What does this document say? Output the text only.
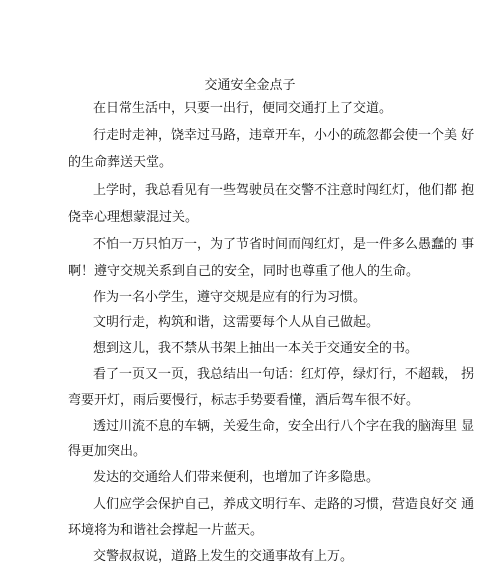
交通安全金点子
在日常生活中，只要一出行，便同交通打上了交道。
行走时走神，饶幸过马路，违章开车，小小的疏忽都会使一个美 好
的生命葬送天堂。
上学时，我总看见有一些驾驶员在交警不注意时闯红灯，他们都 抱
侥幸心理想蒙混过关。
不怕一万只怕万一，为了节省时间而闯红灯，是一件多么愚蠢的 事
啊！遵守交规关系到自己的安全，同时也尊重了他人的生命。
作为一名小学生，遵守交规是应有的行为习惯。
文明行走，构筑和谐，这需要每个人从自己做起。
想到这儿，我不禁从书架上抽出一本关于交通安全的书。
看了一页又一页，我总结出一句话：红灯停，绿灯行，不超载， 拐
弯要开灯，雨后要慢行，标志手势要看懂，酒后驾车很不好。
透过川流不息的车辆，关爱生命，安全出行八个字在我的脑海里 显
得更加突出。
发达的交通给人们带来便利，也增加了许多隐患。
人们应学会保护自己，养成文明行车、走路的习惯，营造良好交 通
环境将为和谐社会撑起一片蓝天。
交警叔叔说，道路上发生的交通事故有上万。
